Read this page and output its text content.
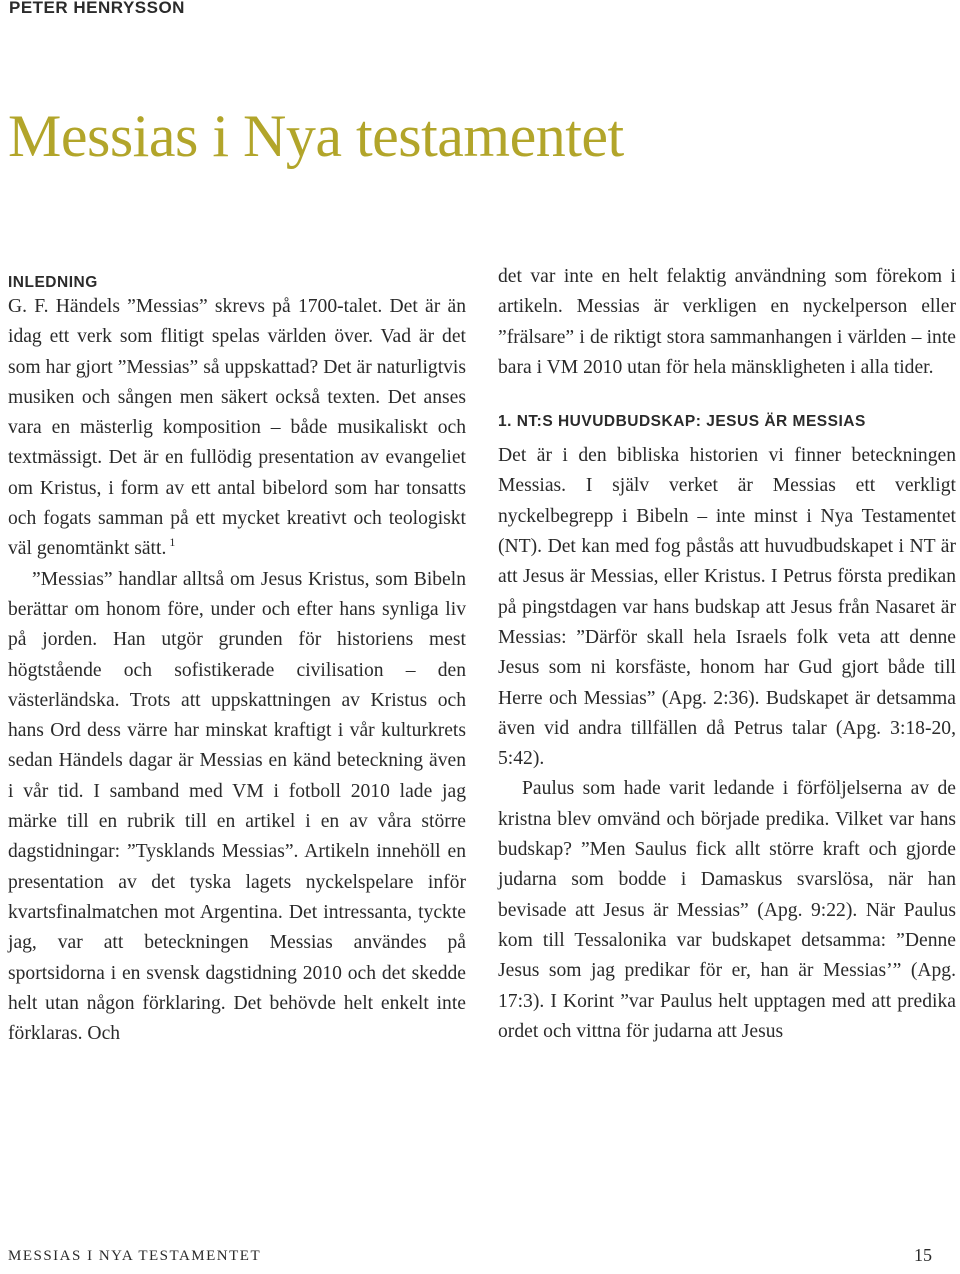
PETER HENRYSSON
Messias i Nya testamentet
INLEDNING

G. F. Händels ”Messias” skrevs på 1700-talet. Det är än idag ett verk som flitigt spelas världen över. Vad är det som har gjort ”Messias” så uppskattad? Det är naturligtvis musiken och sången men säkert också texten. Det anses vara en mästerlig komposition – både musikaliskt och textmässigt. Det är en fullödig presentation av evangeliet om Kristus, i form av ett antal bibelord som har tonsatts och fogats samman på ett mycket kreativt och teologiskt väl genomtänkt sätt. $^1$

”Messias” handlar alltså om Jesus Kristus, som Bibeln berättar om honom före, under och efter hans synliga liv på jorden. Han utgör grunden för historiens mest högtstående och sofistikerade civilisation – den västerländska. Trots att uppskattningen av Kristus och hans Ord dess värre har minskat kraftigt i vår kulturkrets sedan Händels dagar är Messias en känd beteckning även i vår tid. I samband med VM i fotboll 2010 lade jag märke till en rubrik till en artikel i en av våra större dagstidningar: ”Tysklands Messias”. Artikeln innehöll en presentation av det tyska lagets nyckelspelare inför kvartsfinalmatchen mot Argentina. Det intressanta, tyckte jag, var att beteckningen Messias användes på sportsidorna i en svensk dagstidning 2010 och det skedde helt utan någon förklaring. Det behövde helt enkelt inte förklaras. Och

det var inte en helt felaktig användning som förekom i artikeln. Messias är verkligen en nyckelperson eller ”frälsare” i de riktigt stora sammanhangen i världen – inte bara i VM 2010 utan för hela mänskligheten i alla tider.

1. NT:S HUVUDBUDSKAP: JESUS ÄR MESSIAS

Det är i den bibliska historien vi finner beteckningen Messias. I själv verket är Messias ett verkligt nyckelbegrepp i Bibeln – inte minst i Nya Testamentet (NT). Det kan med fog påstås att huvudbudskapet i NT är att Jesus är Messias, eller Kristus. I Petrus första predikan på pingstdagen var hans budskap att Jesus från Nasaret är Messias: ”Därför skall hela Israels folk veta att denne Jesus som ni korsfäste, honom har Gud gjort både till Herre och Messias” (Apg. 2:36). Budskapet är detsamma även vid andra tillfällen då Petrus talar (Apg. 3:18-20, 5:42).

Paulus som hade varit ledande i förföljelserna av de kristna blev omvänd och började predika. Vilket var hans budskap? ”Men Saulus fick allt större kraft och gjorde judarna som bodde i Damaskus svarslösa, när han bevisade att Jesus är Messias” (Apg. 9:22). När Paulus kom till Tessalonika var budskapet detsamma: ”Denne Jesus som jag predikar för er, han är Messias’” (Apg. 17:3). I Korint ”var Paulus helt upptagen med att predika ordet och vittna för judarna att Jesus

MESSIAS I NYA TESTAMENTET	15
